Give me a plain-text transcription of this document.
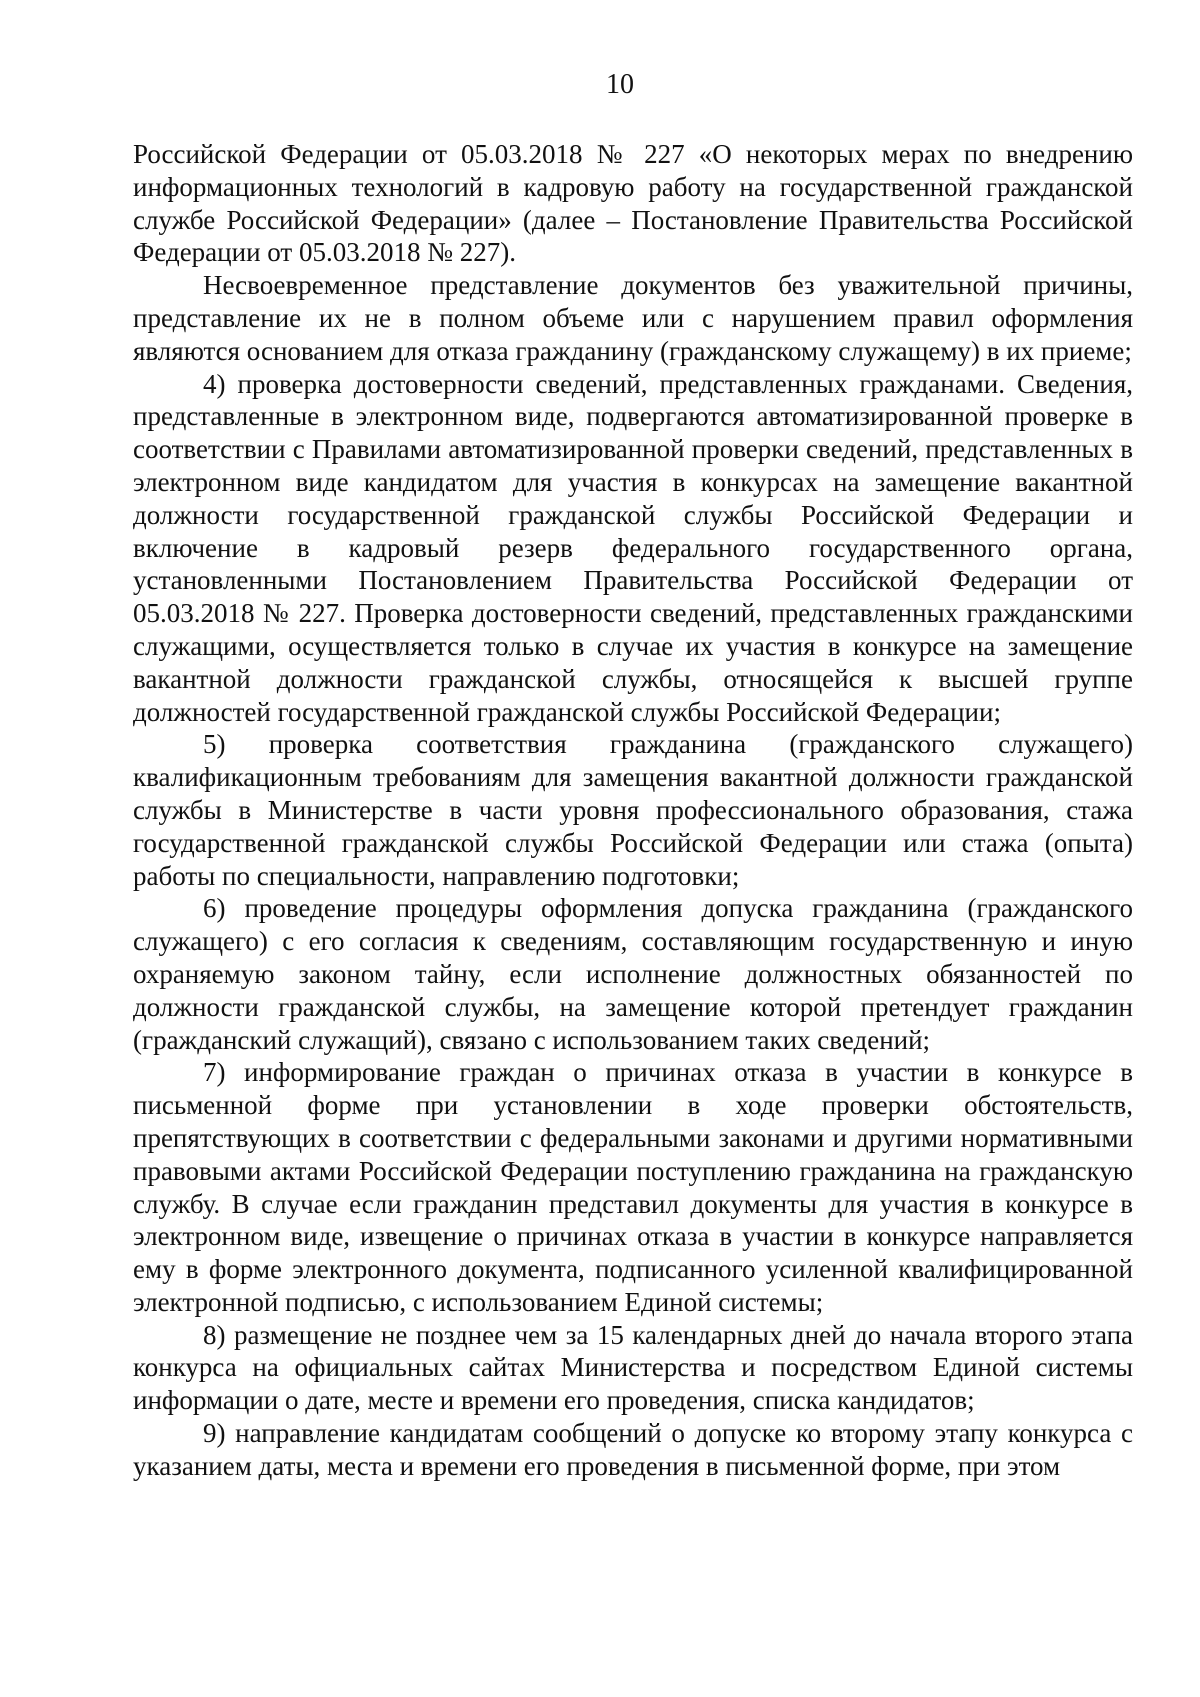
10

Российской Федерации от 05.03.2018 № 227 «О некоторых мерах по внедрению информационных технологий в кадровую работу на государственной гражданской службе Российской Федерации» (далее – Постановление Правительства Российской Федерации от 05.03.2018 № 227).

Несвоевременное представление документов без уважительной причины, представление их не в полном объеме или с нарушением правил оформления являются основанием для отказа гражданину (гражданскому служащему) в их приеме;

4) проверка достоверности сведений, представленных гражданами. Сведения, представленные в электронном виде, подвергаются автоматизированной проверке в соответствии с Правилами автоматизированной проверки сведений, представленных в электронном виде кандидатом для участия в конкурсах на замещение вакантной должности государственной гражданской службы Российской Федерации и включение в кадровый резерв федерального государственного органа, установленными Постановлением Правительства Российской Федерации от 05.03.2018 № 227. Проверка достоверности сведений, представленных гражданскими служащими, осуществляется только в случае их участия в конкурсе на замещение вакантной должности гражданской службы, относящейся к высшей группе должностей государственной гражданской службы Российской Федерации;

5) проверка соответствия гражданина (гражданского служащего) квалификационным требованиям для замещения вакантной должности гражданской службы в Министерстве в части уровня профессионального образования, стажа государственной гражданской службы Российской Федерации или стажа (опыта) работы по специальности, направлению подготовки;

6) проведение процедуры оформления допуска гражданина (гражданского служащего) с его согласия к сведениям, составляющим государственную и иную охраняемую законом тайну, если исполнение должностных обязанностей по должности гражданской службы, на замещение которой претендует гражданин (гражданский служащий), связано с использованием таких сведений;

7) информирование граждан о причинах отказа в участии в конкурсе в письменной форме при установлении в ходе проверки обстоятельств, препятствующих в соответствии с федеральными законами и другими нормативными правовыми актами Российской Федерации поступлению гражданина на гражданскую службу. В случае если гражданин представил документы для участия в конкурсе в электронном виде, извещение о причинах отказа в участии в конкурсе направляется ему в форме электронного документа, подписанного усиленной квалифицированной электронной подписью, с использованием Единой системы;

8) размещение не позднее чем за 15 календарных дней до начала второго этапа конкурса на официальных сайтах Министерства и посредством Единой системы информации о дате, месте и времени его проведения, списка кандидатов;

9) направление кандидатам сообщений о допуске ко второму этапу конкурса с указанием даты, места и времени его проведения в письменной форме, при этом
